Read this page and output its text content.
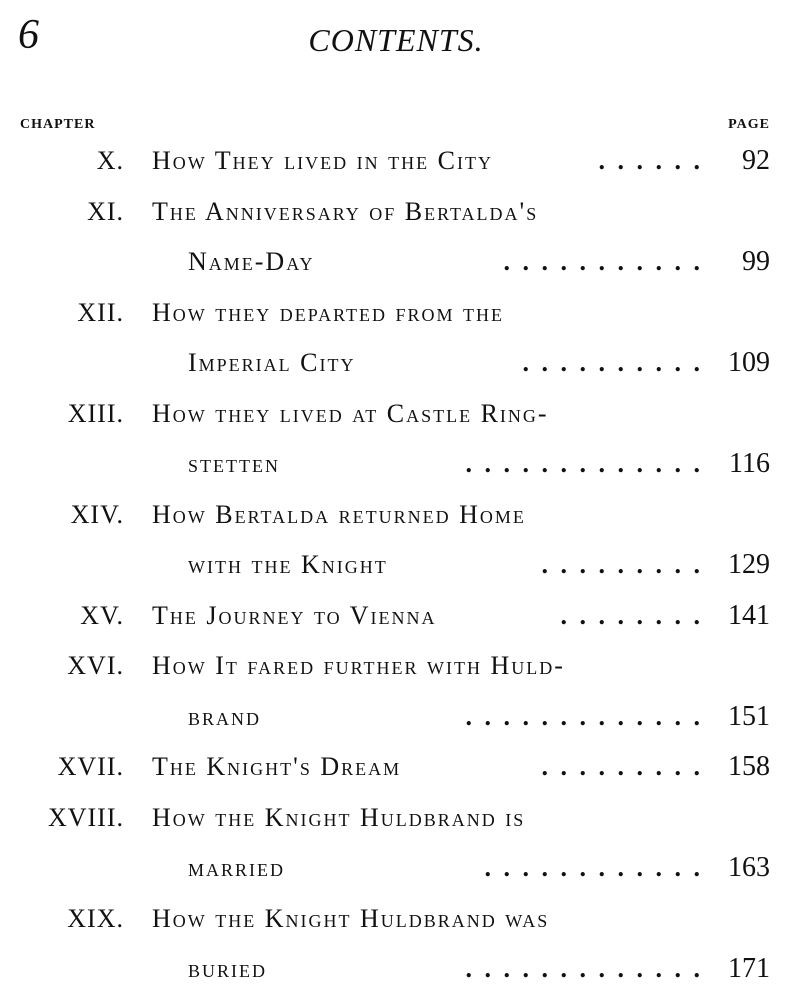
6	CONTENTS.
CHAPTER	PAGE
X. How They lived in the City	92
. . . . . .
XI. The Anniversary of Bertalda's
Name-Day	99
. . . . . . . . . . .
XII. How they departed from the
Imperial City	109
. . . . . . . . . .
XIII. How they lived at Castle Ring-
stetten	116
. . . . . . . . . . . . .
XIV. How Bertalda returned Home
with the Knight	129
. . . . . . . . .
XV. The Journey to Vienna	141
. . . . . . . .
XVI. How It fared further with Huld-
brand	151
. . . . . . . . . . . . .
XVII. The Knight's Dream	158
. . . . . . . . .
XVIII. How the Knight Huldbrand is
married	163
. . . . . . . . . . . .
XIX. How the Knight Huldbrand was
buried	171
. . . . . . . . . . . . .
